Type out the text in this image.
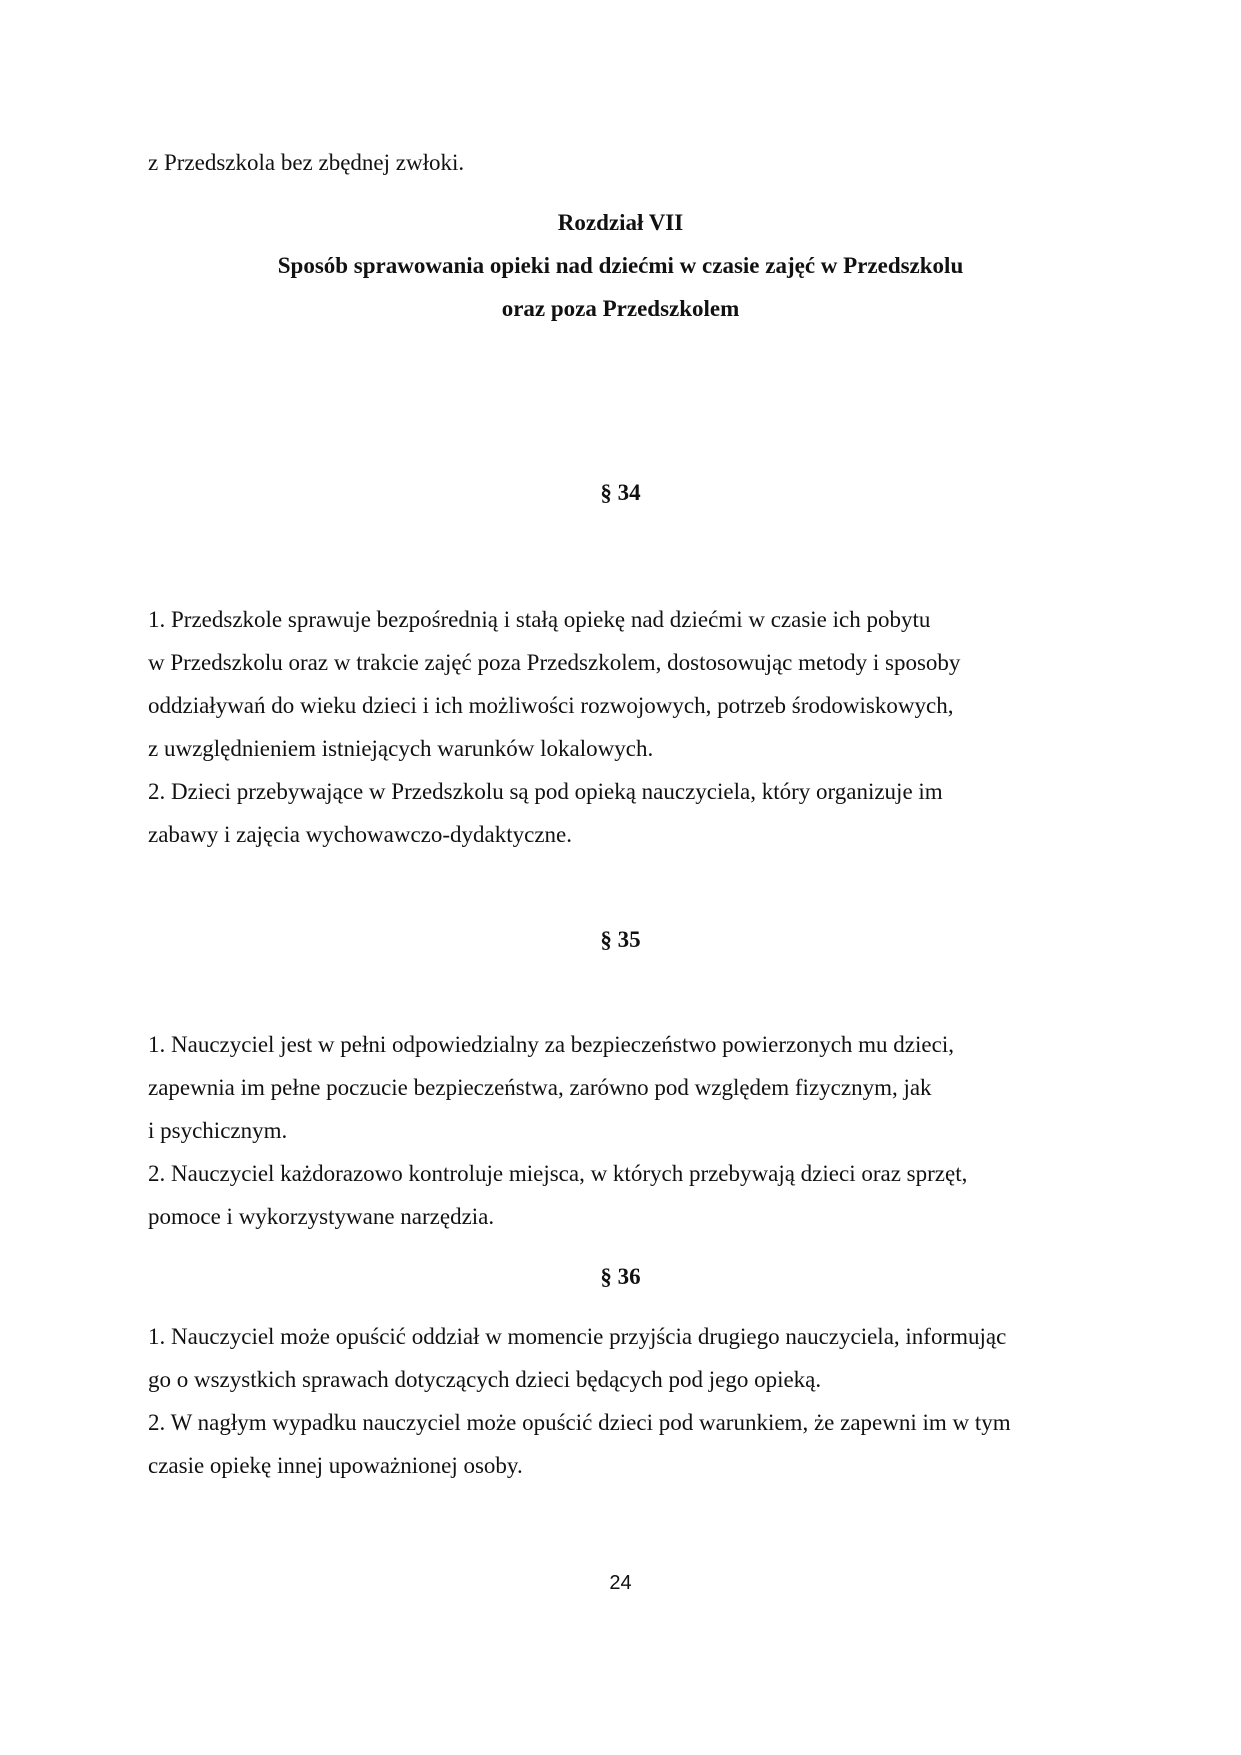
z Przedszkola bez zbędnej zwłoki.
Rozdział VII
Sposób sprawowania opieki nad dziećmi w czasie zajęć w Przedszkolu
oraz poza Przedszkolem
§ 34
1. Przedszkole sprawuje bezpośrednią i stałą opiekę nad dziećmi w czasie ich pobytu
w Przedszkolu oraz w trakcie zajęć poza Przedszkolem, dostosowując metody i sposoby
oddziaływań do wieku dzieci i ich możliwości rozwojowych, potrzeb środowiskowych,
z uwzględnieniem istniejących warunków lokalowych.
2. Dzieci przebywające w Przedszkolu są pod opieką nauczyciela, który organizuje im
zabawy i zajęcia wychowawczo-dydaktyczne.
§ 35
1. Nauczyciel jest w pełni odpowiedzialny za bezpieczeństwo powierzonych mu dzieci,
zapewnia im pełne poczucie bezpieczeństwa, zarówno pod względem fizycznym, jak
i psychicznym.
2. Nauczyciel każdorazowo kontroluje miejsca, w których przebywają dzieci oraz sprzęt,
pomoce i wykorzystywane narzędzia.
§ 36
1. Nauczyciel może opuścić oddział w momencie przyjścia drugiego nauczyciela, informując
go o wszystkich sprawach dotyczących dzieci będących pod jego opieką.
2. W nagłym wypadku nauczyciel może opuścić dzieci pod warunkiem, że zapewni im w tym
czasie opiekę innej upoważnionej osoby.
24
